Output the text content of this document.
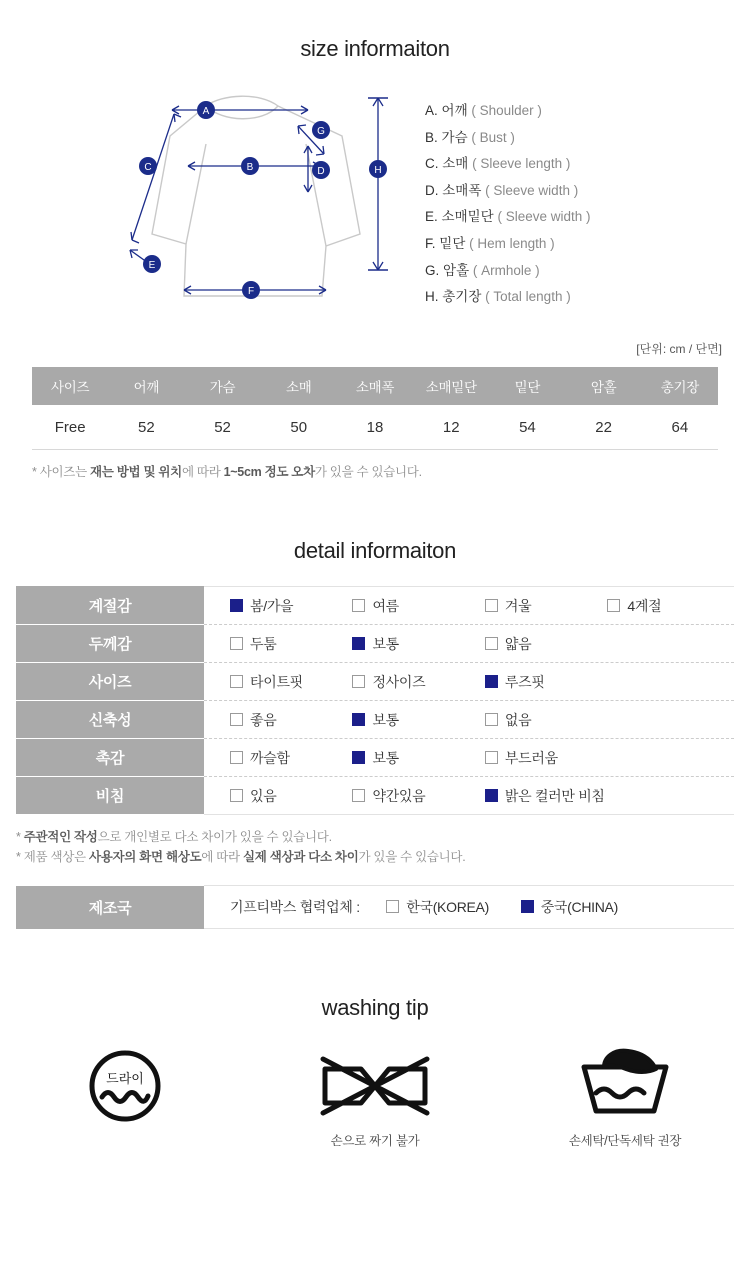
size informaiton
A
B
C	D
E
F
G
H
A. 어깨 ( Shoulder )
B. 가슴 ( Bust )
C. 소매 ( Sleeve length )
D. 소매폭 ( Sleeve width )
E. 소매밑단 ( Sleeve width )
F. 밑단 ( Hem length )
G. 암홀 ( Armhole )
H. 총기장 ( Total length )
[단위: cm / 단면]
사이즈	어깨	가슴	소매	소매폭	소매밑단	밑단	암홀	총기장
Free	52	52	50	18	12	54	22	64
* 사이즈는 재는 방법 및 위치에 따라 1~5cm 정도 오차가 있을 수 있습니다.
detail informaiton
계절감	봄/가을 여름 겨울 4계절
두께감	두툼 보통 얇음
사이즈	타이트핏 정사이즈 루즈핏
신축성	좋음 보통 없음
촉감	까슬함 보통 부드러움
비침	있음 약간있음 밝은 컬러만 비침
* 주관적인 작성으로 개인별로 다소 차이가 있을 수 있습니다.
* 제품 색상은 사용자의 화면 해상도에 따라 실제 색상과 다소 차이가 있을 수 있습니다.
제조국	기프티박스 협력업체 :	한국(KOREA)	중국(CHINA)
washing tip
드라이
손으로 짜기 불가	손세탁/단독세탁 권장
